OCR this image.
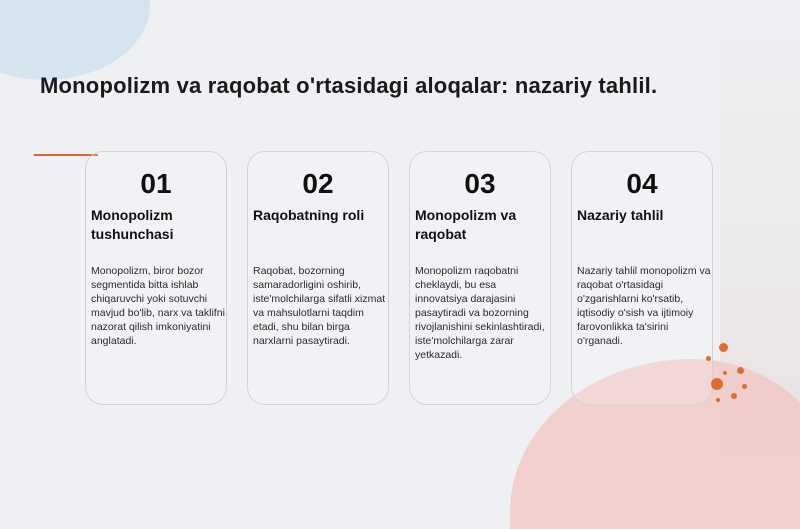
Monopolizm va raqobat o'rtasidagi aloqalar: nazariy tahlil.
01
Monopolizm tushunchasi
Monopolizm, biror bozor segmentida bitta ishlab chiqaruvchi yoki sotuvchi mavjud bo'lib, narx va taklifni nazorat qilish imkoniyatini anglatadi.
02
Raqobatning roli
Raqobat, bozorning samaradorligini oshirib, iste'molchilarga sifatli xizmat va mahsulotlarni taqdim etadi, shu bilan birga narxlarni pasaytiradi.
03
Monopolizm va raqobat
Monopolizm raqobatni cheklaydi, bu esa innovatsiya darajasini pasaytiradi va bozorning rivojlanishini sekinlashtiradi, iste'molchilarga zarar yetkazadi.
04
Nazariy tahlil
Nazariy tahlil monopolizm va raqobat o'rtasidagi o'zgarishlarni ko'rsatib, iqtisodiy o'sish va ijtimoiy farovonlikka ta'sirini o'rganadi.
